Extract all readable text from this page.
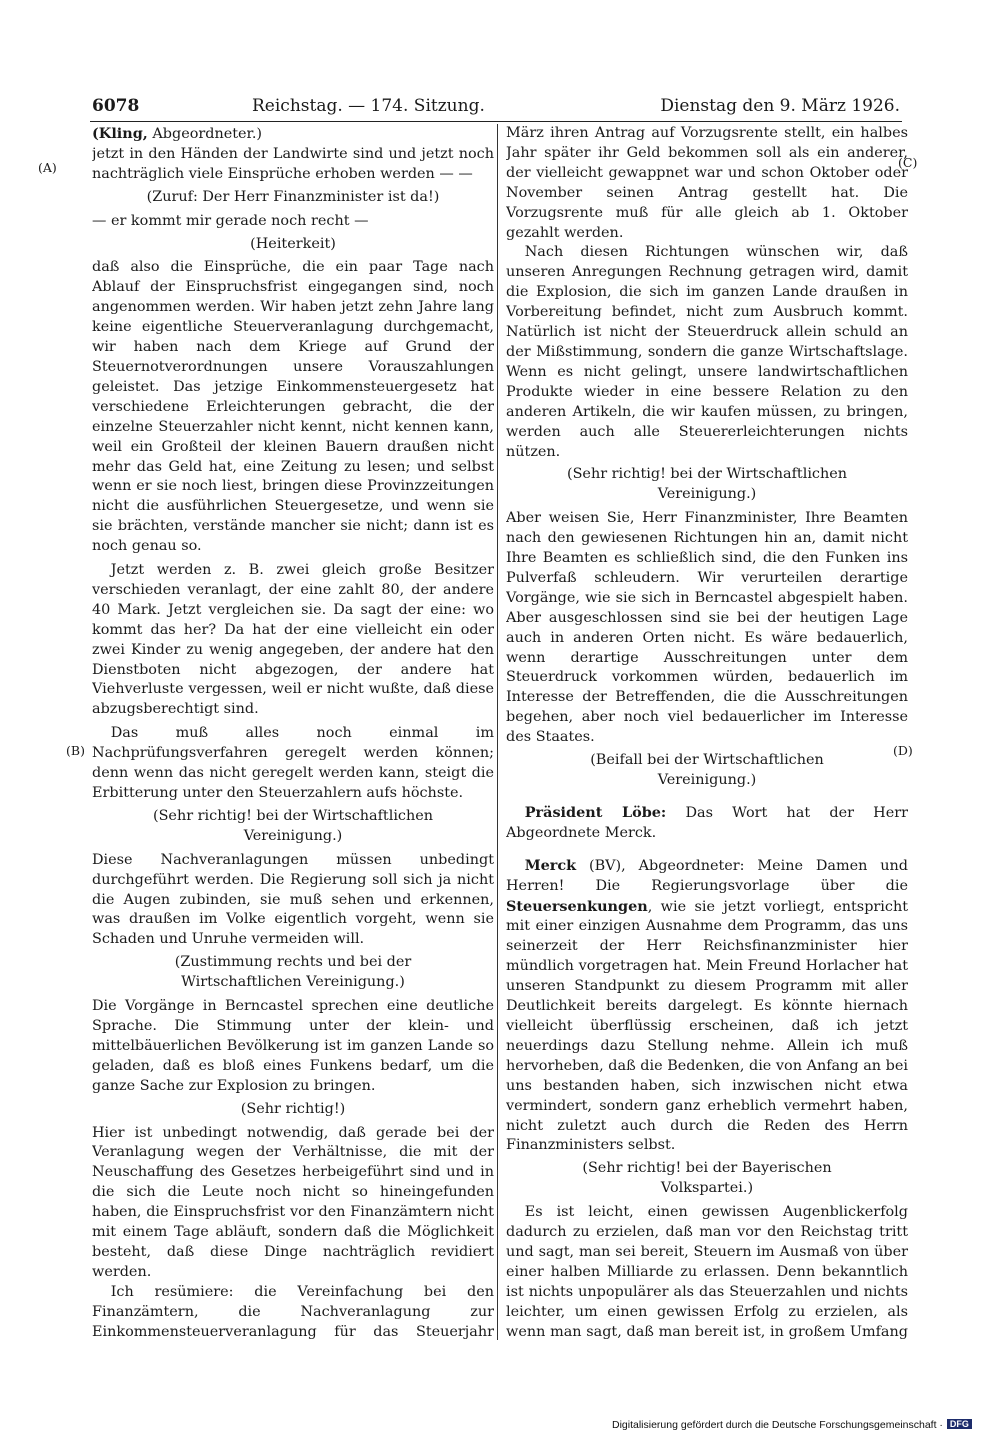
6078	Reichstag. — 174. Sitzung.	Dienstag den 9. März 1926.
(A)
(B)
(C)
(D)

(Kling, Abgeordneter.)

jetzt in den Händen der Landwirte sind und jetzt noch nachträglich viele Einsprüche erhoben werden — —

(Zuruf: Der Herr Finanzminister ist da!)

— er kommt mir gerade noch recht —

(Heiterkeit)

daß also die Einsprüche, die ein paar Tage nach Ablauf der Einspruchsfrist eingegangen sind, noch angenommen werden. Wir haben jetzt zehn Jahre lang keine eigentliche Steuerveranlagung durchgemacht, wir haben nach dem Kriege auf Grund der Steuernotverordnungen unsere Vorauszahlungen geleistet. Das jetzige Einkommensteuergesetz hat verschiedene Erleichterungen gebracht, die der einzelne Steuerzahler nicht kennt, nicht kennen kann, weil ein Großteil der kleinen Bauern draußen nicht mehr das Geld hat, eine Zeitung zu lesen; und selbst wenn er sie noch liest, bringen diese Provinzzeitungen nicht die ausführlichen Steuergesetze, und wenn sie sie brächten, verstände mancher sie nicht; dann ist es noch genau so.

Jetzt werden z. B. zwei gleich große Besitzer verschieden veranlagt, der eine zahlt 80, der andere 40 Mark. Jetzt vergleichen sie. Da sagt der eine: wo kommt das her? Da hat der eine vielleicht ein oder zwei Kinder zu wenig angegeben, der andere hat den Dienstboten nicht abgezogen, der andere hat Viehverluste vergessen, weil er nicht wußte, daß diese abzugsberechtigt sind.

Das muß alles noch einmal im Nachprüfungsverfahren geregelt werden können; denn wenn das nicht geregelt werden kann, steigt die Erbitterung unter den Steuerzahlern aufs höchste.

(Sehr richtig! bei der Wirtschaftlichen Vereinigung.)

Diese Nachveranlagungen müssen unbedingt durchgeführt werden. Die Regierung soll sich ja nicht die Augen zubinden, sie muß sehen und erkennen, was draußen im Volke eigentlich vorgeht, wenn sie Schaden und Unruhe vermeiden will.

(Zustimmung rechts und bei der Wirtschaftlichen Vereinigung.)

Die Vorgänge in Berncastel sprechen eine deutliche Sprache. Die Stimmung unter der klein- und mittelbäuerlichen Bevölkerung ist im ganzen Lande so geladen, daß es bloß eines Funkens bedarf, um die ganze Sache zur Explosion zu bringen.

(Sehr richtig!)

Hier ist unbedingt notwendig, daß gerade bei der Veranlagung wegen der Verhältnisse, die mit der Neuschaffung des Gesetzes herbeigeführt sind und in die sich die Leute noch nicht so hineingefunden haben, die Einspruchsfrist vor den Finanzämtern nicht mit einem Tage abläuft, sondern daß die Möglichkeit besteht, daß diese Dinge nachträglich revidiert werden.

Ich resümiere: die Vereinfachung bei den Finanzämtern, die Nachveranlagung zur Einkommensteuerveranlagung für das Steuerjahr

März ihren Antrag auf Vorzugsrente stellt, ein halbes Jahr später ihr Geld bekommen soll als ein anderer, der vielleicht gewappnet war und schon Oktober oder November seinen Antrag gestellt hat. Die Vorzugsrente muß für alle gleich ab 1. Oktober gezahlt werden.

Nach diesen Richtungen wünschen wir, daß unseren Anregungen Rechnung getragen wird, damit die Explosion, die sich im ganzen Lande draußen in Vorbereitung befindet, nicht zum Ausbruch kommt. Natürlich ist nicht der Steuerdruck allein schuld an der Mißstimmung, sondern die ganze Wirtschaftslage. Wenn es nicht gelingt, unsere landwirtschaftlichen Produkte wieder in eine bessere Relation zu den anderen Artikeln, die wir kaufen müssen, zu bringen, werden auch alle Steuererleichterungen nichts nützen.

(Sehr richtig! bei der Wirtschaftlichen Vereinigung.)

Aber weisen Sie, Herr Finanzminister, Ihre Beamten nach den gewiesenen Richtungen hin an, damit nicht Ihre Beamten es schließlich sind, die den Funken ins Pulverfaß schleudern. Wir verurteilen derartige Vorgänge, wie sie sich in Berncastel abgespielt haben. Aber ausgeschlossen sind sie bei der heutigen Lage auch in anderen Orten nicht. Es wäre bedauerlich, wenn derartige Ausschreitungen unter dem Steuerdruck vorkommen würden, bedauerlich im Interesse der Betreffenden, die die Ausschreitungen begehen, aber noch viel bedauerlicher im Interesse des Staates.

(Beifall bei der Wirtschaftlichen Vereinigung.)

Präsident Löbe: Das Wort hat der Herr Abgeordnete Merck.

Merck (BV), Abgeordneter: Meine Damen und Herren! Die Regierungsvorlage über die Steuersenkungen, wie sie jetzt vorliegt, entspricht mit einer einzigen Ausnahme dem Programm, das uns seinerzeit der Herr Reichsfinanzminister hier mündlich vorgetragen hat. Mein Freund Horlacher hat unseren Standpunkt zu diesem Programm mit aller Deutlichkeit bereits dargelegt. Es könnte hiernach vielleicht überflüssig erscheinen, daß ich jetzt neuerdings dazu Stellung nehme. Allein ich muß hervorheben, daß die Bedenken, die von Anfang an bei uns bestanden haben, sich inzwischen nicht etwa vermindert, sondern ganz erheblich vermehrt haben, nicht zuletzt auch durch die Reden des Herrn Finanzministers selbst.

(Sehr richtig! bei der Bayerischen Volkspartei.)

Es ist leicht, einen gewissen Augenblickerfolg dadurch zu erzielen, daß man vor den Reichstag tritt und sagt, man sei bereit, Steuern im Ausmaß von über einer halben Milliarde zu erlassen. Denn bekanntlich ist nichts unpopulärer als das Steuerzahlen und nichts leichter, um einen gewissen Erfolg zu erzielen, als wenn man sagt, daß man bereit ist, in großem Umfang

Digitalisierung gefördert durch die Deutsche Forschungsgemeinschaft · DFG
